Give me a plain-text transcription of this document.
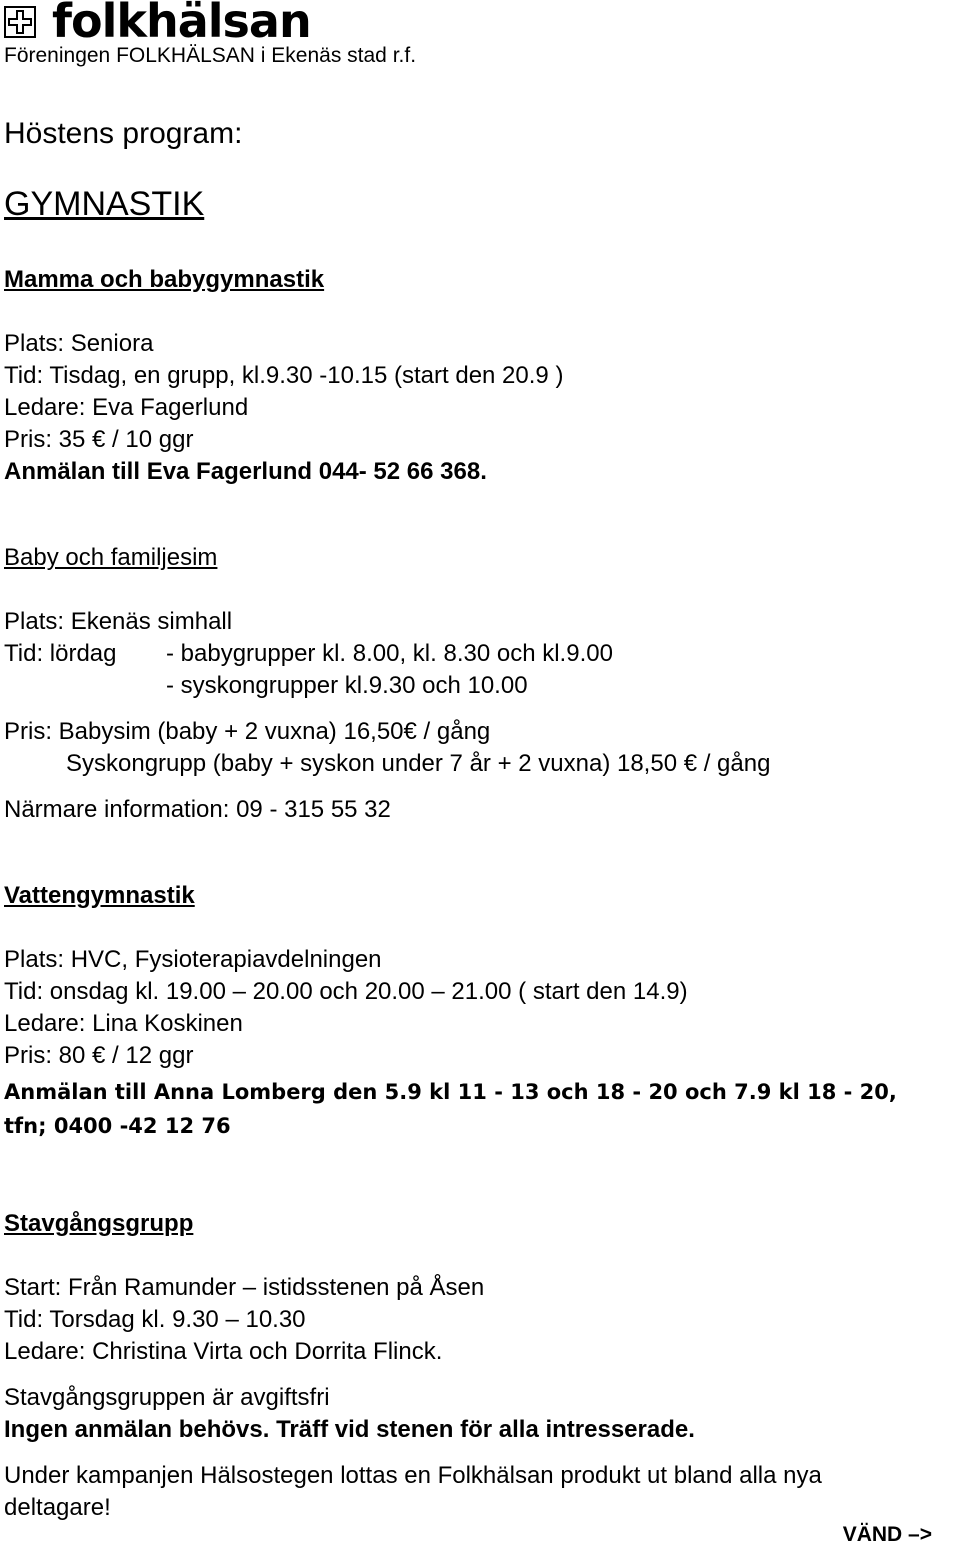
folkhälsan
Föreningen FOLKHÄLSAN i Ekenäs stad r.f.
Höstens program:
GYMNASTIK
Mamma och babygymnastik
Plats: Seniora
Tid: Tisdag, en grupp, kl.9.30 -10.15 (start den 20.9 )
Ledare: Eva Fagerlund
Pris: 35 € / 10 ggr
Anmälan till Eva Fagerlund 044- 52 66 368.
Baby och familjesim
Plats: Ekenäs simhall
Tid: lördag - babygrupper kl. 8.00, kl. 8.30 och kl.9.00
- syskongrupper kl.9.30 och 10.00
Pris: Babysim (baby + 2 vuxna) 16,50€ / gång
Syskongrupp (baby + syskon under 7 år + 2 vuxna) 18,50 € / gång
Närmare information: 09 - 315 55 32
Vattengymnastik
Plats: HVC, Fysioterapiavdelningen
Tid: onsdag kl. 19.00 – 20.00 och 20.00 – 21.00 ( start den 14.9)
Ledare: Lina Koskinen
Pris: 80 € / 12 ggr
Anmälan till Anna Lomberg den 5.9 kl 11 - 13 och 18 - 20 och 7.9 kl 18 - 20,
tfn; 0400 -42 12 76
Stavgångsgrupp
Start: Från Ramunder – istidsstenen på Åsen
Tid: Torsdag kl. 9.30 – 10.30
Ledare: Christina Virta och Dorrita Flinck.
Stavgångsgruppen är avgiftsfri
Ingen anmälan behövs. Träff vid stenen för alla intresserade.
Under kampanjen Hälsostegen lottas en Folkhälsan produkt ut bland alla nya
deltagare!
VÄND –>
